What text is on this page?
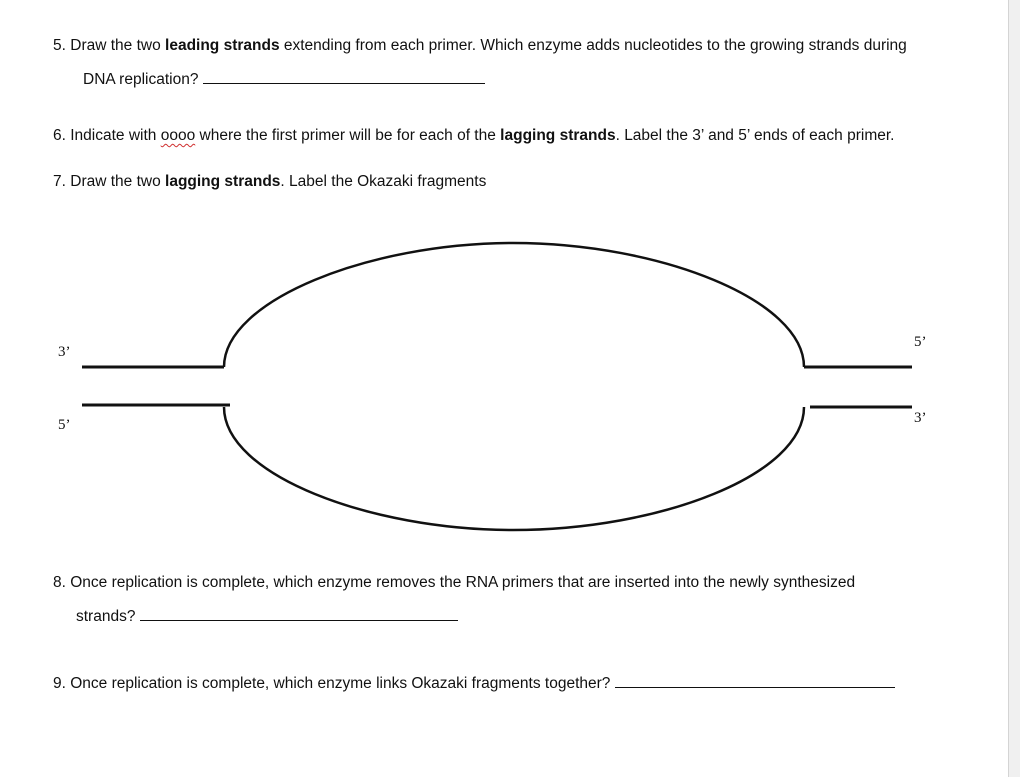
5. Draw the two leading strands extending from each primer. Which enzyme adds nucleotides to the growing strands during
DNA replication?
6. Indicate with oooo where the first primer will be for each of the lagging strands. Label the 3’ and 5’ ends of each primer.
7. Draw the two lagging strands. Label the Okazaki fragments
3’
5’
5’
3’
8. Once replication is complete, which enzyme removes the RNA primers that are inserted into the newly synthesized
strands?
9. Once replication is complete, which enzyme links Okazaki fragments together?
